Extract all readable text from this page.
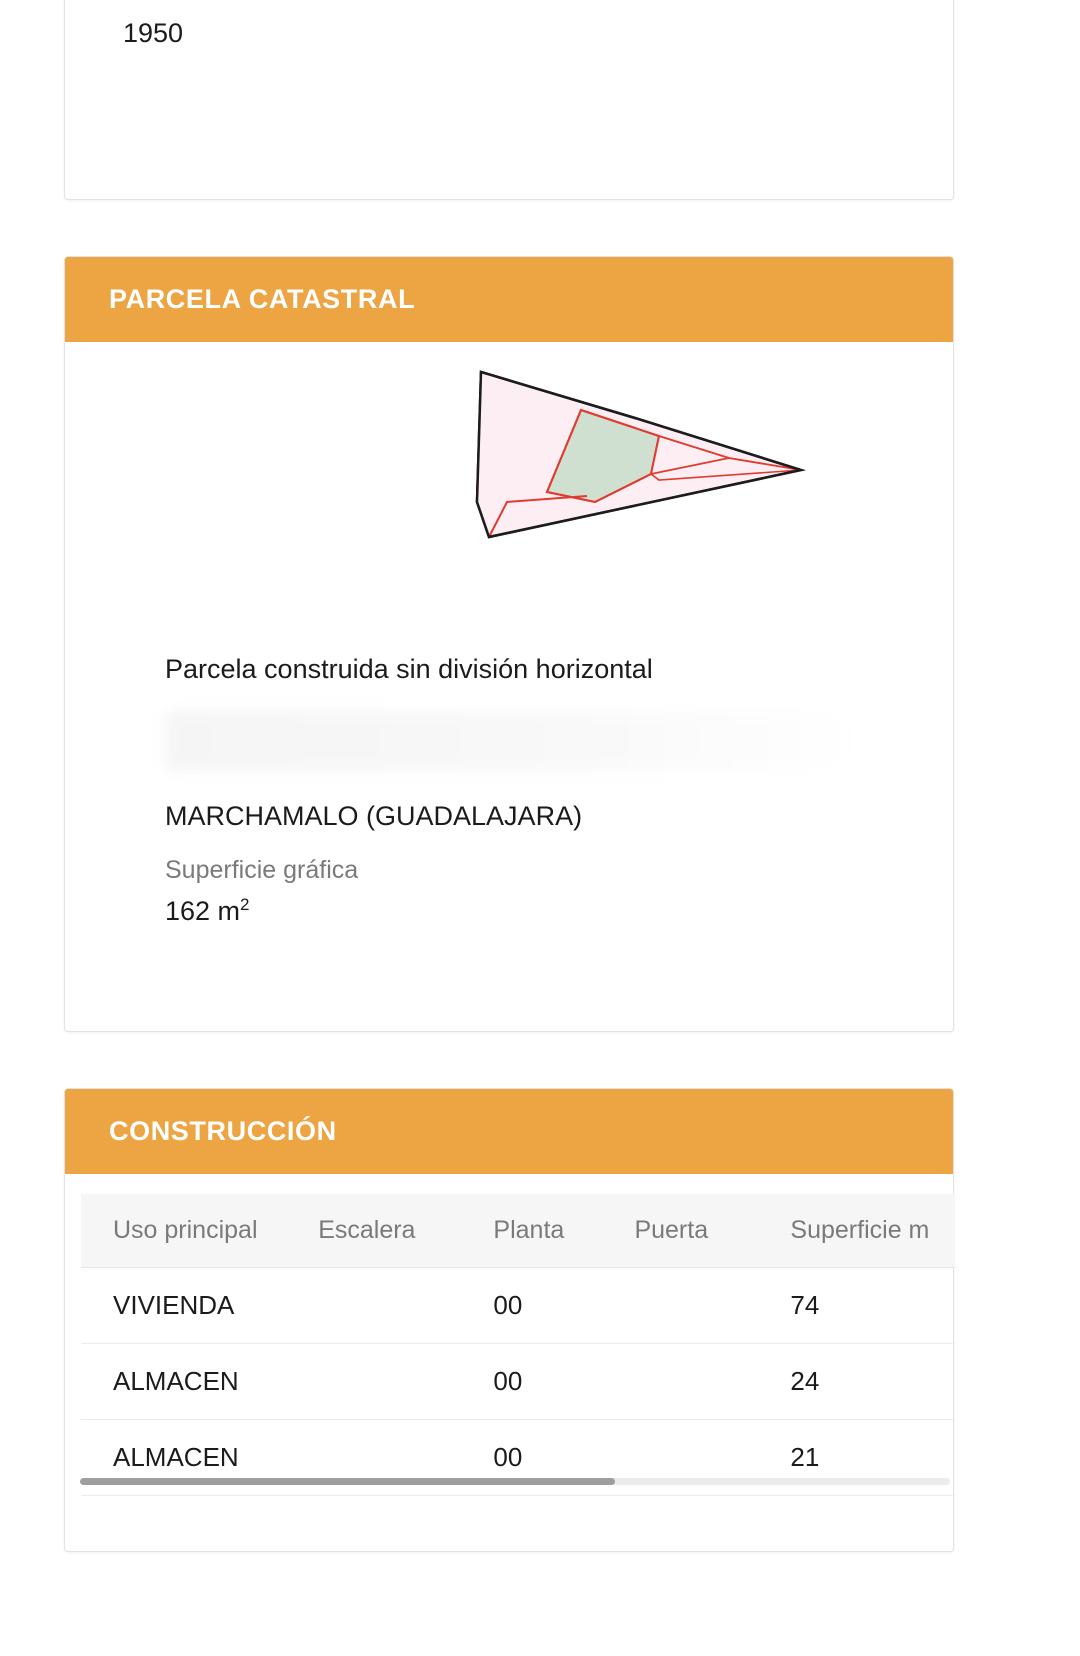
1950
PARCELA CATASTRAL
Parcela construida sin división horizontal
MARCHAMALO (GUADALAJARA)
Superficie gráfica
162 $m^2$
CONSTRUCCIÓN
Uso principal	Escalera	Planta	Puerta	Superficie m
VIVIENDA		00		74
ALMACEN		00		24
ALMACEN		00		21
